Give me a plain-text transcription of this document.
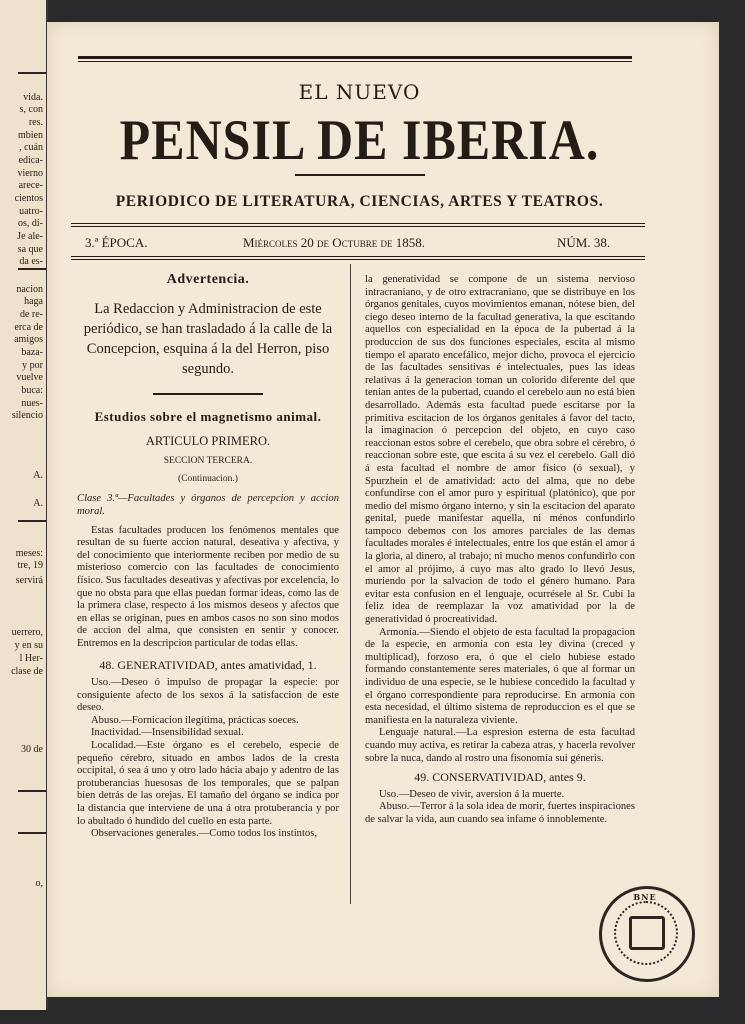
vida.
s, con
res.
mbien
, cuán
edica-
vierno
arece-
cientos
uatro-
os, di-
Je ale-
sa que
da es-
nacion
haga
de re-
erca de
amigos
baza-
y por
vuelve
buca:
nues-
silencio
A.
A.
meses:
tre, 19
servirá
uerrero,
y en su
l Her-
clase de
30 de
o,
EL NUEVO
PENSIL DE IBERIA.
PERIODICO DE LITERATURA, CIENCIAS, ARTES Y TEATROS.
3.ª ÉPOCA.	Miércoles 20 de Octubre de 1858.	NÚM. 38.
Advertencia.
La Redaccion y Administracion de este periódico, se han trasladado á la calle de la Concepcion, esquina á la del Herron, piso segundo.
Estudios sobre el magnetismo animal.
ARTICULO PRIMERO.
SECCION TERCERA.
(Continuacion.)
Clase 3.ª—Facultades y órganos de percepcion y accion moral.

Estas facultades producen los fenómenos mentales que resultan de su fuerte accion natural, deseativa y afectiva, y del conocimiento que interiormente reciben por medio de su misterioso comercio con las facultades de conocimiento físico. Sus facultades deseativas y afectivas por excelencia, lo que no obsta para que ellas puedan formar ideas, como las de la primera clase, respecto á los mismos deseos y afectos que en ellas se originan, pues en ambos casos no son sino modos de accion del alma, que consisten en sentir y conocer. Entremos en la descripcion particular de todas ellas.

48. GENERATIVIDAD, antes amatividad, 1.

Uso.—Deseo ó impulso de propagar la especie: por consiguiente afecto de los sexos á la satisfaccion de este deseo.

Abuso.—Fornicacion ilegítima, prácticas soeces.

Inactividad.—Insensibilidad sexual.

Localidad.—Este órgano es el cerebelo, especie de pequeño cérebro, situado en ambos lados de la cresta occipital, ó sea á uno y otro lado hácia abajo y adentro de las protuberancias huesosas de los temporales, que se palpan bien detrás de las orejas. El tamaño del órgano se indica por la distancia que interviene de una á otra protuberancia y por lo abultado ó hundido del cuello en esta parte.

Observaciones generales.—Como todos los instintos,

la generatividad se compone de un sistema nervioso intracraniano, y de otro extracraniano, que se distribuye en los órganos genitales, cuyos movimientos emanan, nótese bien, del ciego deseo interno de la facultad generativa, la que escitando aquellos con especialidad en la época de la pubertad á la produccion de sus dos funciones especiales, escita al mismo tiempo el aparato encefálico, mejor dicho, provoca el ejercicio de las facultades sensitivas é intelectuales, pues las ideas relativas á la generacion toman un colorido diferente del que tenian antes de la pubertad, cuando el cerebelo aun no está bien desarrollado. Además esta facultad puede escitarse por la primitiva escitacion de los órganos genitales á favor del tacto, la imaginacion ó percepcion del objeto, en cuyo caso reaccionan estos sobre el cerebelo, que obra sobre el cérebro, ó reaccionan sobre este, que escita á su vez el cerebelo. Gall dió á esta facultad el nombre de amor físico (ó sexual), y Spurzhein el de amatividad: acto del alma, que no debe confundirse con el amor puro y espiritual (platónico), que por medio del mismo órgano interno, y sin la escitacion del aparato genital, puede manifestar aquella, ni ménos confundirlo tampoco debemos con los amores parciales de las demas facultades morales é intelectuales, entre los que están el amor á la gloria, al dinero, al trabajo; ni mucho menos confundirlo con el amor al prójimo, á cuyo mas alto grado lo llevó Jesus, muriendo por la salvacion de todo el género humano. Para evitar esta confusion en el lenguaje, ocurrésele al Sr. Cubí la feliz idea de reemplazar la voz amatividad por la de generatividad ó procreatividad.

Armonía.—Siendo el objeto de esta facultad la propagacion de la especie, en armonía con esta ley divina (creced y multiplicad), forzoso era, ó que el cielo hubiese estado formando constantemente seres materiales, ó que al formar un individuo de una especie, se le hubiese concedido la facultad y el órgano correspondiente para reproducirse. En armonía con esta necesidad, el último sistema de reproduccion es el que se manifiesta en la naturaleza viviente.

Lenguaje natural.—La espresion esterna de esta facultad cuando muy activa, es retirar la cabeza atras, y hacerla revolver sobre la nuca, dando al rostro una fisonomía sui géneris.

49. CONSERVATIVIDAD, antes 9.

Uso.—Deseo de vivir, aversion á la muerte.

Abuso.—Terror á la sola idea de morir, fuertes inspiraciones de salvar la vida, aun cuando sea infame ó innoblemente.

BNE
